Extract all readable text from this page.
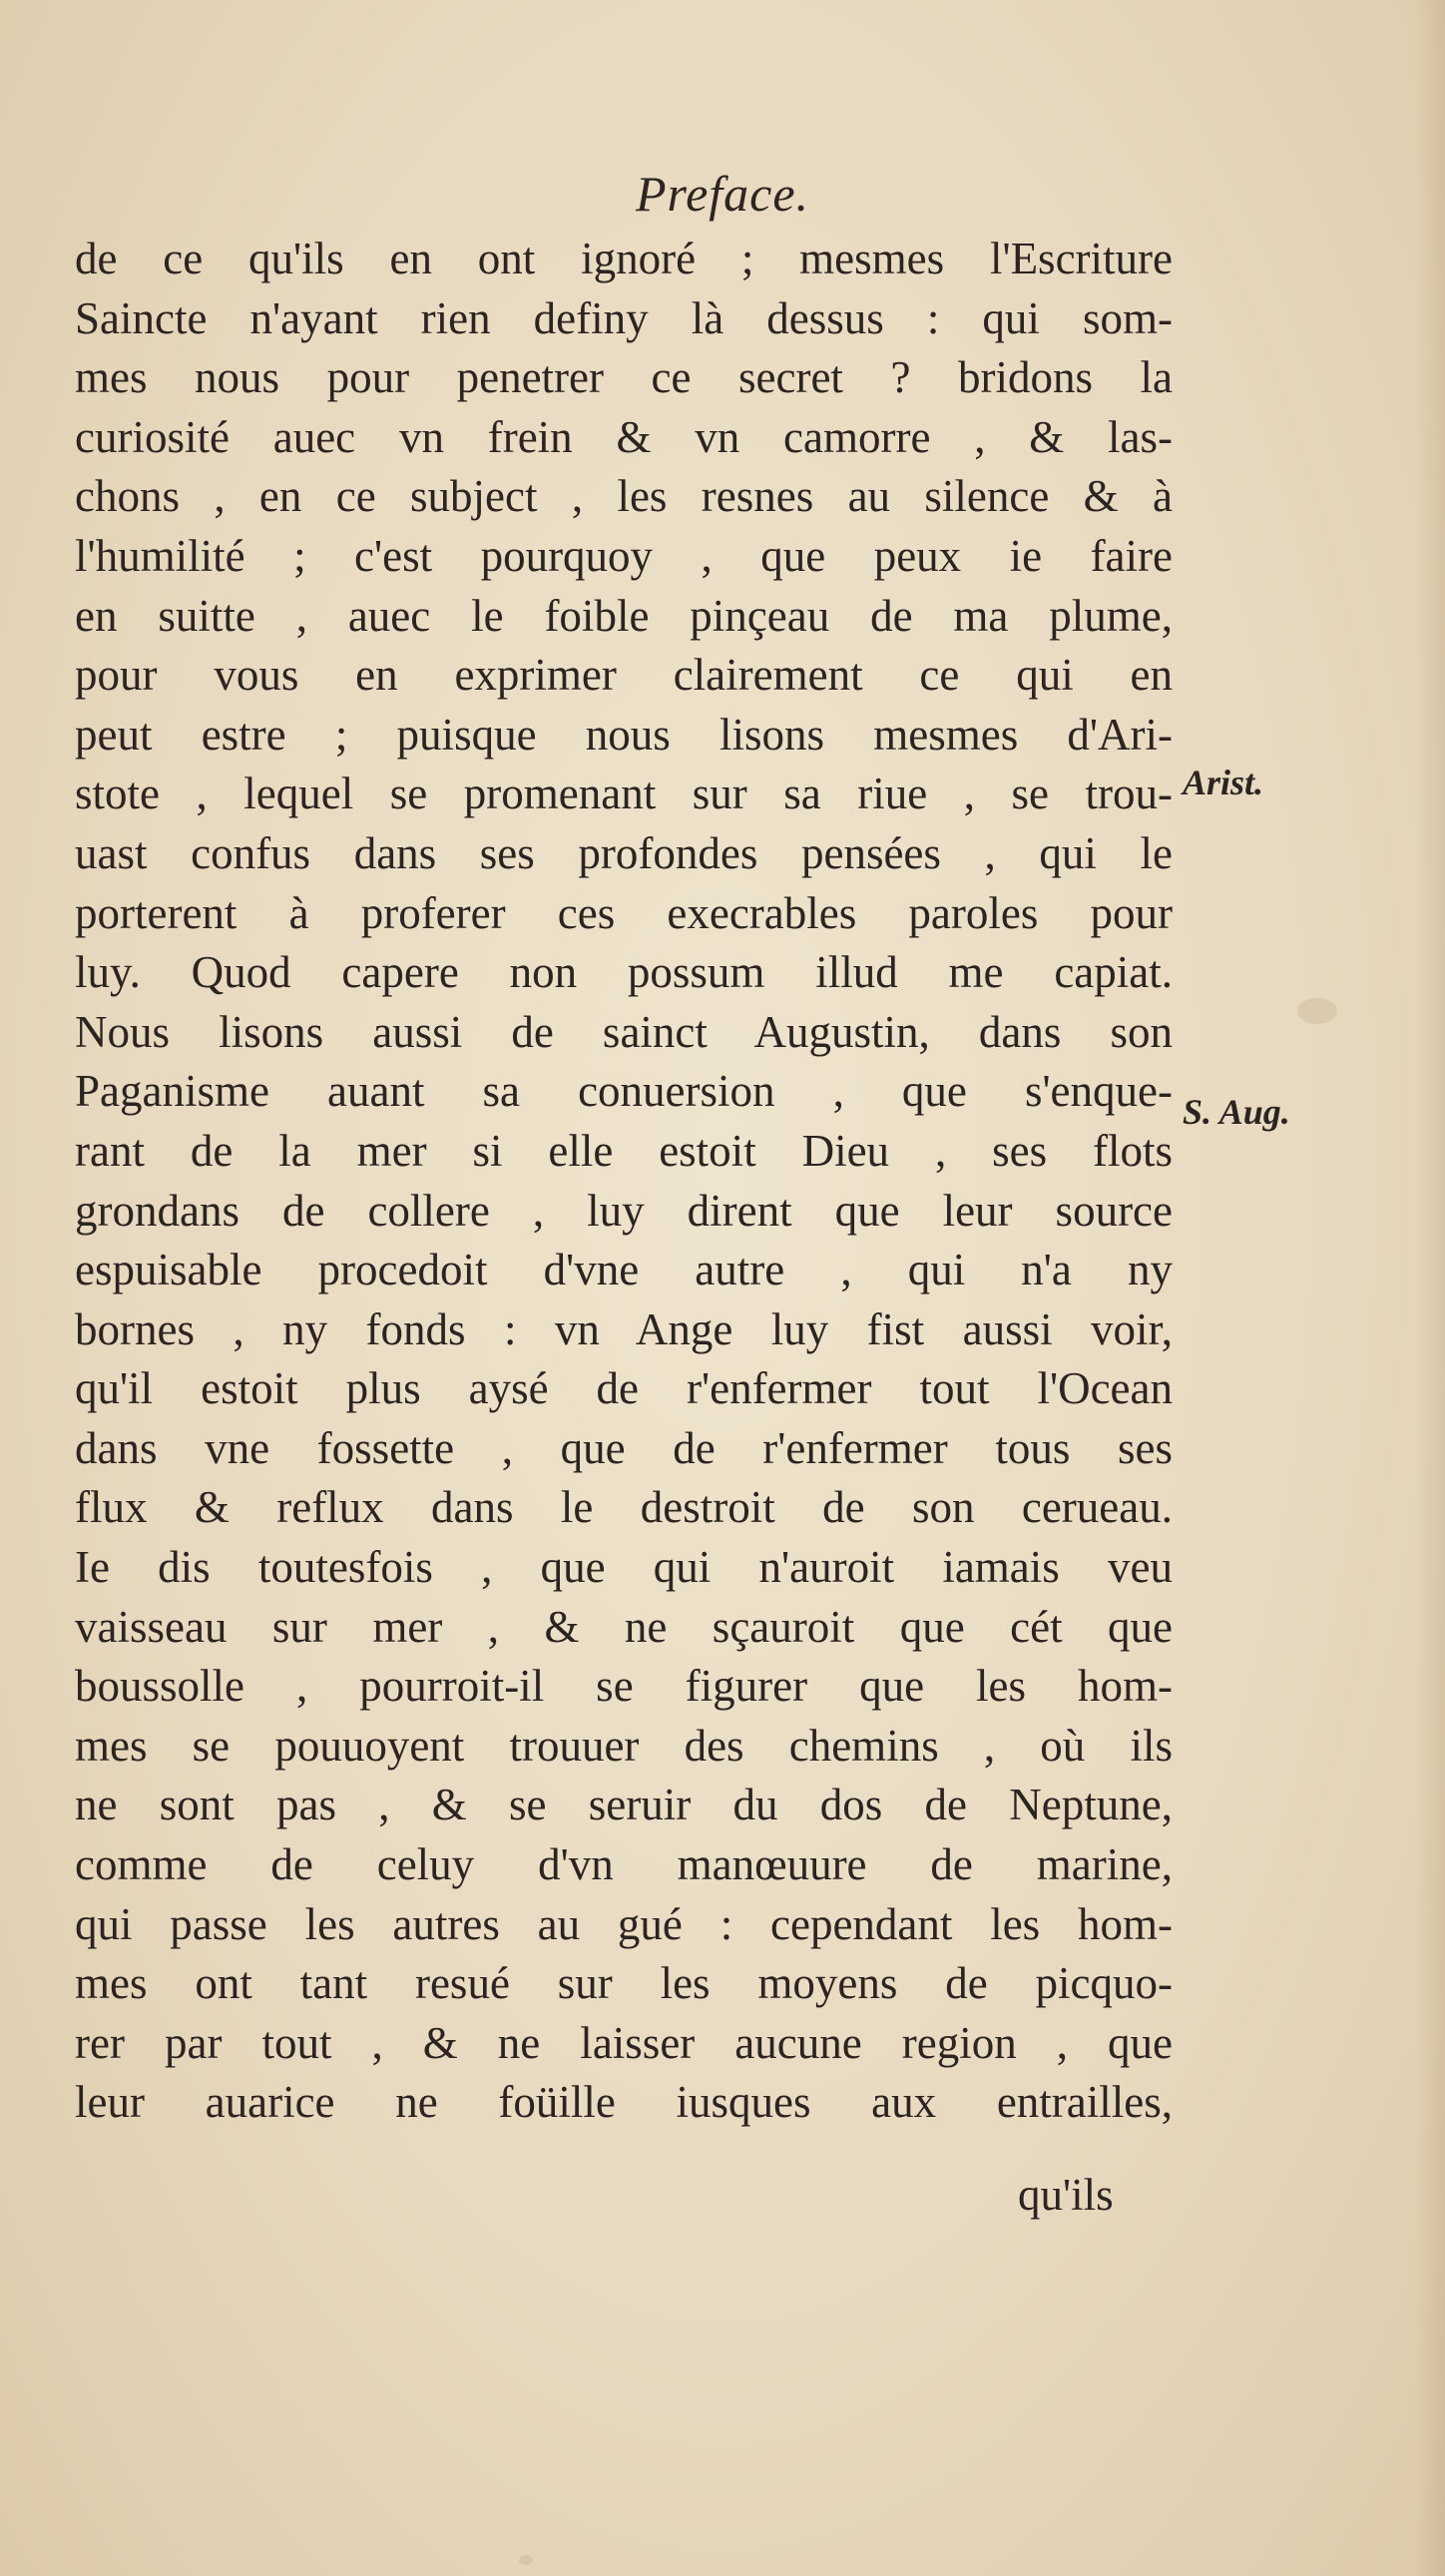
Preface.
de ce qu'ils en ont ignoré ; mesmes l'Escriture
Saincte n'ayant rien definy là dessus : qui som-
mes nous pour penetrer ce secret ? bridons la
curiosité auec vn frein & vn camorre , & las-
chons , en ce subject , les resnes au silence & à
l'humilité ; c'est pourquoy , que peux ie faire
en suitte , auec le foible pinçeau de ma plume,
pour vous en exprimer clairement ce qui en
peut estre ; puisque nous lisons mesmes d'Ari-
stote , lequel se promenant sur sa riue , se trou-
uast confus dans ses profondes pensées , qui le
porterent à proferer ces execrables paroles pour
luy. Quod capere non possum illud me capiat.
Nous lisons aussi de sainct Augustin, dans son
Paganisme auant sa conuersion , que s'enque-
rant de la mer si elle estoit Dieu , ses flots
grondans de collere , luy dirent que leur source
espuisable procedoit d'vne autre , qui n'a ny
bornes , ny fonds : vn Ange luy fist aussi voir,
qu'il estoit plus aysé de r'enfermer tout l'Ocean
dans vne fossette , que de r'enfermer tous ses
flux & reflux dans le destroit de son cerueau.
Ie dis toutesfois , que qui n'auroit iamais veu
vaisseau sur mer , & ne sçauroit que cét que
boussolle , pourroit-il se figurer que les hom-
mes se pouuoyent trouuer des chemins , où ils
ne sont pas , & se seruir du dos de Neptune,
comme de celuy d'vn manœuure de marine,
qui passe les autres au gué : cependant les hom-
mes ont tant resué sur les moyens de picquo-
rer par tout , & ne laisser aucune region , que
leur auarice ne foüille iusques aux entrailles,
Arist.
S. Aug.
qu'ils
